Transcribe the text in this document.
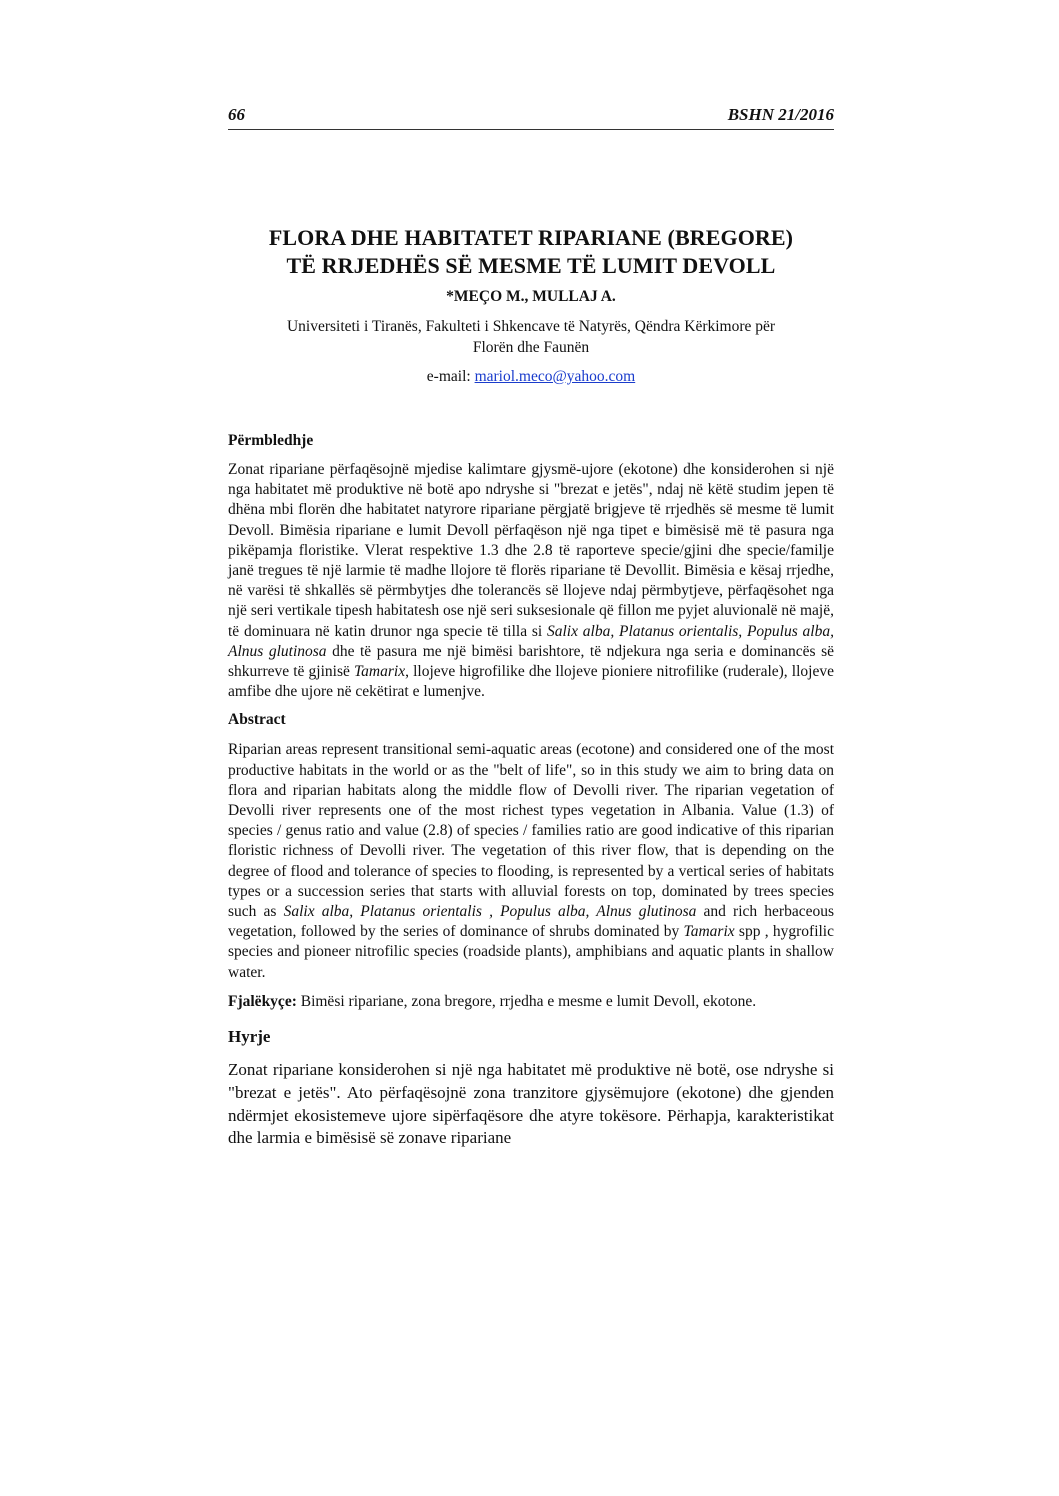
66	BSHN 21/2016
FLORA DHE HABITATET RIPARIANE (BREGORE)
TË RRJEDHËS SË MESME TË LUMIT DEVOLL
*MEÇO M., MULLAJ A.
Universiteti i Tiranës, Fakulteti i Shkencave të Natyrës, Qëndra Kërkimore për
Florën dhe Faunën
e-mail: mariol.meco@yahoo.com
Përmbledhje

Zonat ripariane përfaqësojnë mjedise kalimtare gjysmë-ujore (ekotone) dhe konsiderohen si një nga habitatet më produktive në botë apo ndryshe si "brezat e jetës", ndaj në këtë studim jepen të dhëna mbi florën dhe habitatet natyrore ripariane përgjatë brigjeve të rrjedhës së mesme të lumit Devoll. Bimësia ripariane e lumit Devoll përfaqëson një nga tipet e bimësisë më të pasura nga pikëpamja floristike. Vlerat respektive 1.3 dhe 2.8 të raporteve specie/gjini dhe specie/familje janë tregues të një larmie të madhe llojore të florës ripariane të Devollit. Bimësia e kësaj rrjedhe, në varësi të shkallës së përmbytjes dhe tolerancës së llojeve ndaj përmbytjeve, përfaqësohet nga një seri vertikale tipesh habitatesh ose një seri suksesionale që fillon me pyjet aluvionalë në majë, të dominuara në katin drunor nga specie të tilla si Salix alba, Platanus orientalis, Populus alba, Alnus glutinosa dhe të pasura me një bimësi barishtore, të ndjekura nga seria e dominancës së shkurreve të gjinisë Tamarix, llojeve higrofilike dhe llojeve pioniere nitrofilike (ruderale), llojeve amfibe dhe ujore në cekëtirat e lumenjve.

Abstract

Riparian areas represent transitional semi-aquatic areas (ecotone) and considered one of the most productive habitats in the world or as the "belt of life", so in this study we aim to bring data on flora and riparian habitats along the middle flow of Devolli river. The riparian vegetation of Devolli river represents one of the most richest types vegetation in Albania. Value (1.3) of species / genus ratio and value (2.8) of species / families ratio are good indicative of this riparian floristic richness of Devolli river. The vegetation of this river flow, that is depending on the degree of flood and tolerance of species to flooding, is represented by a vertical series of habitats types or a succession series that starts with alluvial forests on top, dominated by trees species such as Salix alba, Platanus orientalis , Populus alba, Alnus glutinosa and rich herbaceous vegetation, followed by the series of dominance of shrubs dominated by Tamarix spp , hygrofilic species and pioneer nitrofilic species (roadside plants), amphibians and aquatic plants in shallow water.

Fjalëkyçe: Bimësi ripariane, zona bregore, rrjedha e mesme e lumit Devoll, ekotone.

Hyrje

Zonat ripariane konsiderohen si një nga habitatet më produktive në botë, ose ndryshe si "brezat e jetës". Ato përfaqësojnë zona tranzitore gjysëmujore (ekotone) dhe gjenden ndërmjet ekosistemeve ujore sipërfaqësore dhe atyre tokësore. Përhapja, karakteristikat dhe larmia e bimësisë së zonave ripariane
